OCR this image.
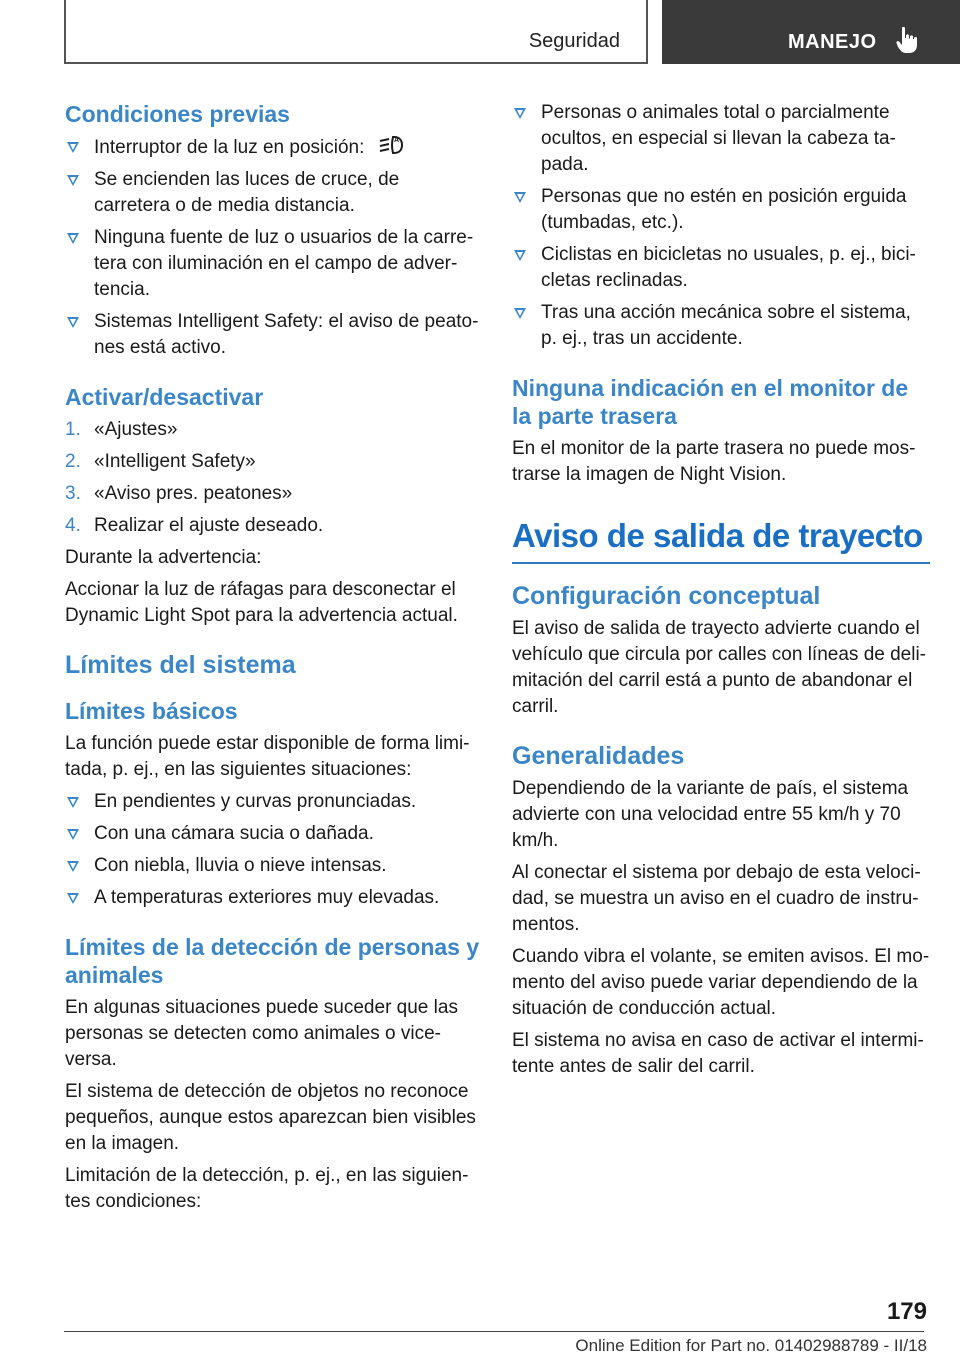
Seguridad	MANEJO
Condiciones previas
Interruptor de la luz en posición:	A
Se encienden las luces de cruce, de carretera o de media distancia.
Ninguna fuente de luz o usuarios de la carre-tera con iluminación en el campo de adver-tencia.
Sistemas Intelligent Safety: el aviso de peato-nes está activo.
Activar/desactivar
1. «Ajustes»
2. «Intelligent Safety»
3. «Aviso pres. peatones»
4. Realizar el ajuste deseado.

Durante la advertencia:

Accionar la luz de ráfagas para desconectar el Dynamic Light Spot para la advertencia actual.

Límites del sistema
Límites básicos

La función puede estar disponible de forma limi-tada, p. ej., en las siguientes situaciones:

En pendientes y curvas pronunciadas.
Con una cámara sucia o dañada.
Con niebla, lluvia o nieve intensas.
A temperaturas exteriores muy elevadas.
Límites de la detección de personas y animales

En algunas situaciones puede suceder que las personas se detecten como animales o vice-versa.

El sistema de detección de objetos no reconoce pequeños, aunque estos aparezcan bien visibles en la imagen.

Limitación de la detección, p. ej., en las siguien-tes condiciones:

Personas o animales total o parcialmente ocultos, en especial si llevan la cabeza ta-pada.
Personas que no estén en posición erguida (tumbadas, etc.).
Ciclistas en bicicletas no usuales, p. ej., bici-cletas reclinadas.
Tras una acción mecánica sobre el sistema, p. ej., tras un accidente.
Ninguna indicación en el monitor de la parte trasera

En el monitor de la parte trasera no puede mos-trarse la imagen de Night Vision.

Aviso de salida de trayecto
Configuración conceptual

El aviso de salida de trayecto advierte cuando el vehículo que circula por calles con líneas de deli-mitación del carril está a punto de abandonar el carril.

Generalidades

Dependiendo de la variante de país, el sistema advierte con una velocidad entre 55 km/h y 70 km/h.

Al conectar el sistema por debajo de esta veloci-dad, se muestra un aviso en el cuadro de instru-mentos.

Cuando vibra el volante, se emiten avisos. El mo-mento del aviso puede variar dependiendo de la situación de conducción actual.

El sistema no avisa en caso de activar el intermi-tente antes de salir del carril.

179
Online Edition for Part no. 01402988789 - II/18
